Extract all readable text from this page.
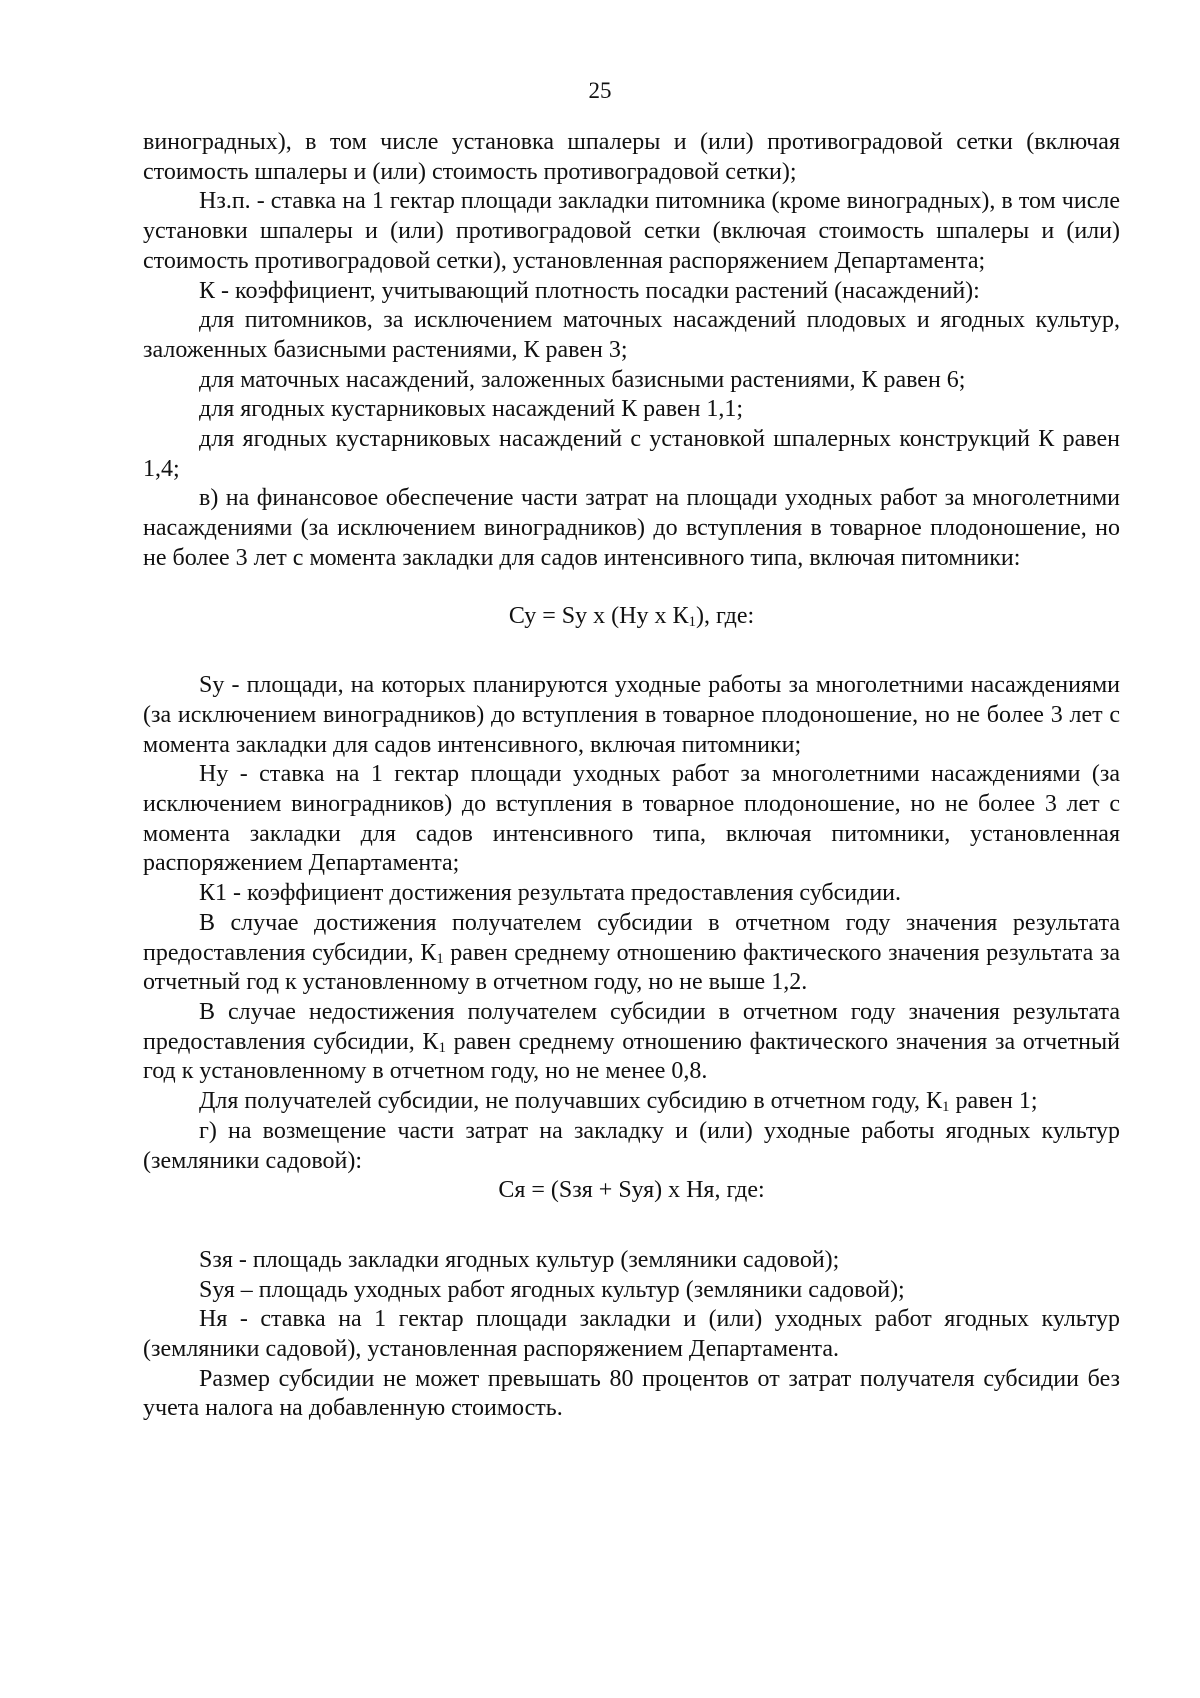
25

виноградных), в том числе установка шпалеры и (или) противоградовой сетки (включая стоимость шпалеры и (или) стоимость противоградовой сетки);

Нз.п. - ставка на 1 гектар площади закладки питомника (кроме виноградных), в том числе установки шпалеры и (или) противоградовой сетки (включая стоимость шпалеры и (или) стоимость противоградовой сетки), установленная распоряжением Департамента;

К - коэффициент, учитывающий плотность посадки растений (насаждений):

для питомников, за исключением маточных насаждений плодовых и ягодных культур, заложенных базисными растениями, К равен 3;

для маточных насаждений, заложенных базисными растениями, К равен 6;

для ягодных кустарниковых насаждений К равен 1,1;

для ягодных кустарниковых насаждений с установкой шпалерных конструкций К равен 1,4;

в) на финансовое обеспечение части затрат на площади уходных работ за многолетними насаждениями (за исключением виноградников) до вступления в товарное плодоношение, но не более 3 лет с момента закладки для садов интенсивного типа, включая питомники:

Су = Sу х (Ну х $К_1$), где:

Sу - площади, на которых планируются уходные работы за многолетними насаждениями (за исключением виноградников) до вступления в товарное плодоношение, но не более 3 лет с момента закладки для садов интенсивного, включая питомники;

Ну - ставка на 1 гектар площади уходных работ за многолетними насаждениями (за исключением виноградников) до вступления в товарное плодоношение, но не более 3 лет с момента закладки для садов интенсивного типа, включая питомники, установленная распоряжением Департамента;

К1 - коэффициент достижения результата предоставления субсидии.

В случае достижения получателем субсидии в отчетном году значения результата предоставления субсидии, $К_1$ равен среднему отношению фактического значения результата за отчетный год к установленному в отчетном году, но не выше 1,2.

В случае недостижения получателем субсидии в отчетном году значения результата предоставления субсидии, $К_1$ равен среднему отношению фактического значения за отчетный год к установленному в отчетном году, но не менее 0,8.

Для получателей субсидии, не получавших субсидию в отчетном году, $К_1$ равен 1;

г) на возмещение части затрат на закладку и (или) уходные работы ягодных культур (земляники садовой):

Ся = (Sзя + Sуя) х Ня, где:

Sзя - площадь закладки ягодных культур (земляники садовой);

Sуя – площадь уходных работ ягодных культур (земляники садовой);

Ня - ставка на 1 гектар площади закладки и (или) уходных работ ягодных культур (земляники садовой), установленная распоряжением Департамента.

Размер субсидии не может превышать 80 процентов от затрат получателя субсидии без учета налога на добавленную стоимость.
